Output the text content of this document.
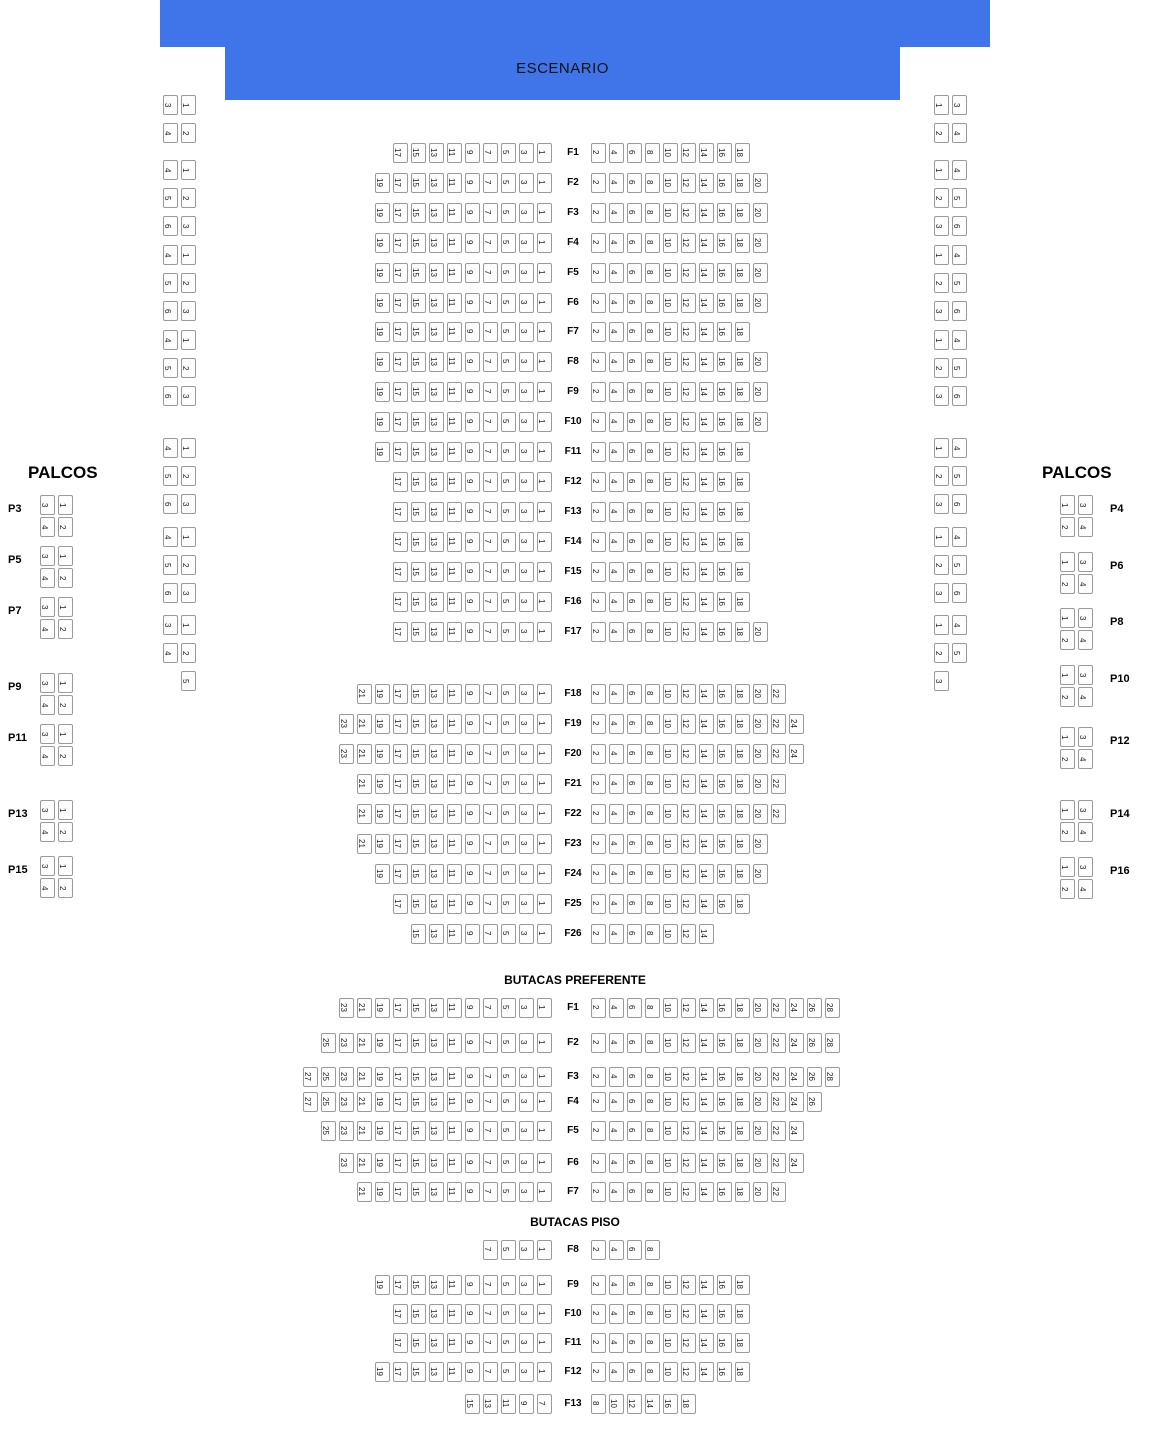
ESCENARIO
PALCOS	PALCOS
BUTACAS PREFERENTE
BUTACAS PISO
17	15	13	11	9	7	5	3	1	F1	2	4	6	8	10	12	14	16	18
19	17	15	13	11	9	7	5	3	1	F2	2	4	6	8	10	12	14	16	18	20
19	17	15	13	11	9	7	5	3	1	F3	2	4	6	8	10	12	14	16	18	20
19	17	15	13	11	9	7	5	3	1	F4	2	4	6	8	10	12	14	16	18	20
19	17	15	13	11	9	7	5	3	1	F5	2	4	6	8	10	12	14	16	18	20
19	17	15	13	11	9	7	5	3	1	F6	2	4	6	8	10	12	14	16	18	20
19	17	15	13	11	9	7	5	3	1	F7	2	4	6	8	10	12	14	16	18
19	17	15	13	11	9	7	5	3	1	F8	2	4	6	8	10	12	14	16	18	20
19	17	15	13	11	9	7	5	3	1	F9	2	4	6	8	10	12	14	16	18	20
19	17	15	13	11	9	7	5	3	1	F10	2	4	6	8	10	12	14	16	18	20
19	17	15	13	11	9	7	5	3	1	F11	2	4	6	8	10	12	14	16	18
17	15	13	11	9	7	5	3	1	F12	2	4	6	8	10	12	14	16	18
17	15	13	11	9	7	5	3	1	F13	2	4	6	8	10	12	14	16	18
17	15	13	11	9	7	5	3	1	F14	2	4	6	8	10	12	14	16	18
17	15	13	11	9	7	5	3	1	F15	2	4	6	8	10	12	14	16	18
17	15	13	11	9	7	5	3	1	F16	2	4	6	8	10	12	14	16	18
17	15	13	11	9	7	5	3	1	F17	2	4	6	8	10	12	14	16	18	20
21	19	17	15	13	11	9	7	5	3	1	F18	2	4	6	8	10	12	14	16	18	20	22
23	21	19	17	15	13	11	9	7	5	3	1	F19	2	4	6	8	10	12	14	16	18	20	22	24
23	21	19	17	15	13	11	9	7	5	3	1	F20	2	4	6	8	10	12	14	16	18	20	22	24
21	19	17	15	13	11	9	7	5	3	1	F21	2	4	6	8	10	12	14	16	18	20	22
21	19	17	15	13	11	9	7	5	3	1	F22	2	4	6	8	10	12	14	16	18	20	22
21	19	17	15	13	11	9	7	5	3	1	F23	2	4	6	8	10	12	14	16	18	20
19	17	15	13	11	9	7	5	3	1	F24	2	4	6	8	10	12	14	16	18	20
17	15	13	11	9	7	5	3	1	F25	2	4	6	8	10	12	14	16	18
15	13	11	9	7	5	3	1	F26	2	4	6	8	10	12	14
23	21	19	17	15	13	11	9	7	5	3	1	F1	2	4	6	8	10	12	14	16	18	20	22	24	26	28
25	23	21	19	17	15	13	11	9	7	5	3	1	F2	2	4	6	8	10	12	14	16	18	20	22	24	26	28
27	25	23	21	19	17	15	13	11	9	7	5	3	1	F3	2	4	6	8	10	12	14	16	18	20	22	24	26	28
27	25	23	21	19	17	15	13	11	9	7	5	3	1	F4	2	4	6	8	10	12	14	16	18	20	22	24	26
25	23	21	19	17	15	13	11	9	7	5	3	1	F5	2	4	6	8	10	12	14	16	18	20	22	24
23	21	19	17	15	13	11	9	7	5	3	1	F6	2	4	6	8	10	12	14	16	18	20	22	24
21	19	17	15	13	11	9	7	5	3	1	F7	2	4	6	8	10	12	14	16	18	20	22
7	5	3	1	F8	2	4	6	8
19	17	15	13	11	9	7	5	3	1	F9	2	4	6	8	10	12	14	16	18
17	15	13	11	9	7	5	3	1	F10	2	4	6	8	10	12	14	16	18
17	15	13	11	9	7	5	3	1	F11	2	4	6	8	10	12	14	16	18
19	17	15	13	11	9	7	5	3	1	F12	2	4	6	8	10	12	14	16	18
15	13	11	9	7	F13	8	10	12	14	16	18
3	1
4	2
4	1
5	2
6	3
4	1
5	2
6	3
4	1
5	2
6	3
4	1
5	2
6	3
4	1
5	2
6	3
3	1
4	2
5
1	3
2	4
1	4
2	5
3	6
1	4
2	5
3	6
1	4
2	5
3	6
1	4
2	5
3	6
1	4
2	5
3	6
1	4
2	5
3
P3 3	1
4	2
P5 3	1
4	2
P7 3	1
4	2
P9 3	1
4	2
P11 3	1
4	2
P13 3	1
4	2
P15 3	1
4	2
P4
1	3
2	4
P6
1	3
2	4
P8
1	3
2	4
P10
1	3
2	4
P12
1	3
2	4
P14
1	3
2	4
P16
1	3
2	4
